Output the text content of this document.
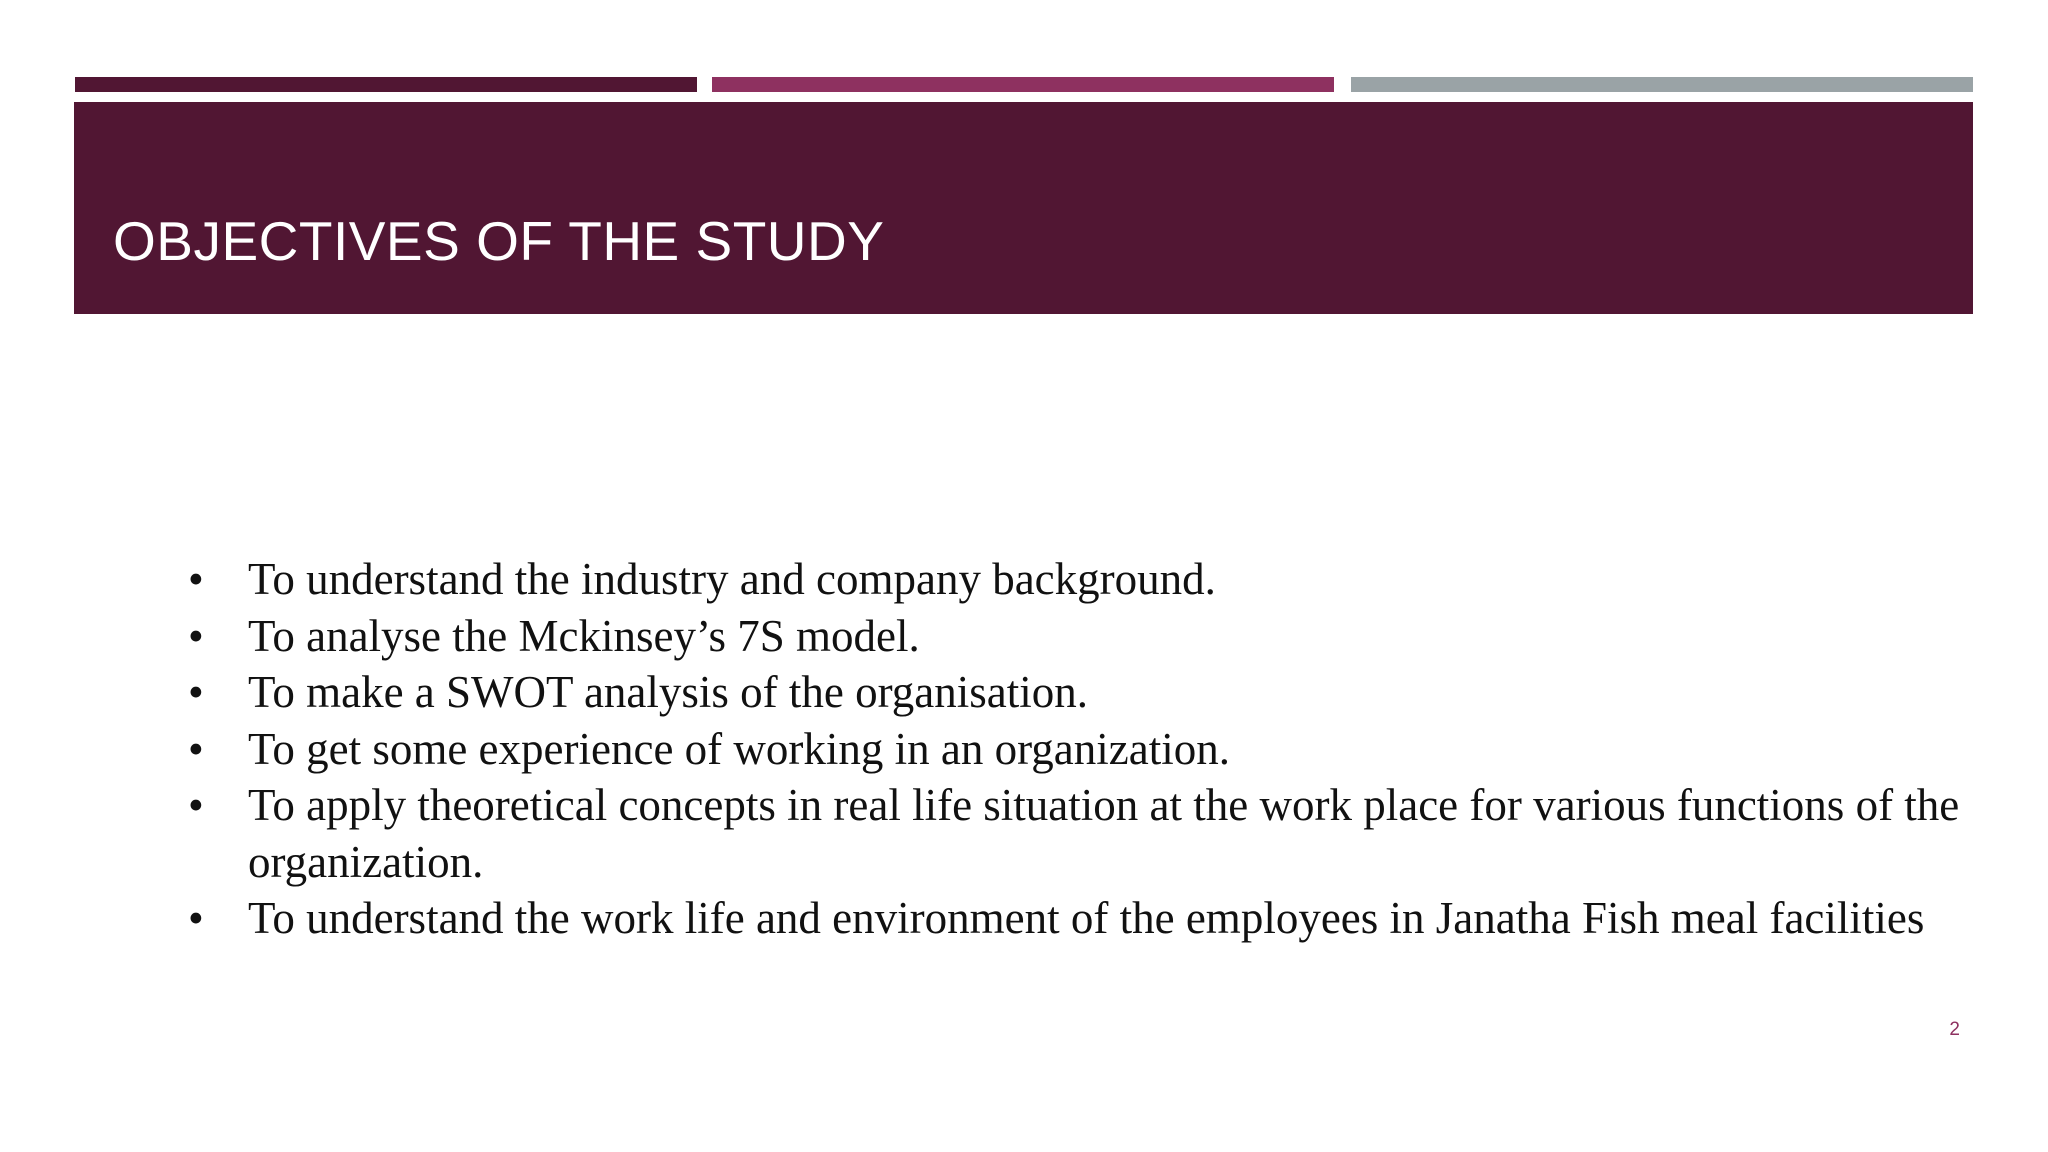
OBJECTIVES OF THE STUDY
• To understand the industry and company background.
• To analyse the Mckinsey’s 7S model.
• To make a SWOT analysis of the organisation.
• To get some experience of working in an organization.
• To apply theoretical concepts in real life situation at the work place for various functions of the organization.
• To understand the work life and environment of the employees in Janatha Fish meal facilities
2
